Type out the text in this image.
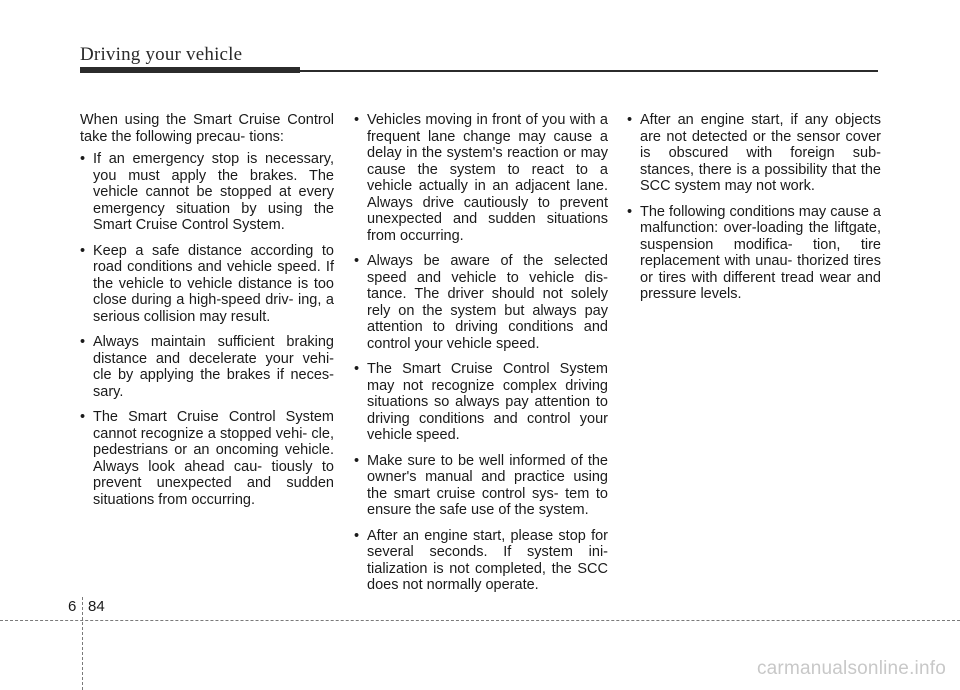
Driving your vehicle

When using the Smart Cruise Control take the following precau- tions:

• If an emergency stop is necessary, you must apply the brakes. The vehicle cannot be stopped at every emergency situation by using the Smart Cruise Control System.
• Keep a safe distance according to road conditions and vehicle speed. If the vehicle to vehicle distance is too close during a high-speed driv- ing, a serious collision may result.
• Always maintain sufficient braking distance and decelerate your vehi- cle by applying the brakes if neces- sary.
• The Smart Cruise Control System cannot recognize a stopped vehi- cle, pedestrians or an oncoming vehicle. Always look ahead cau- tiously to prevent unexpected and sudden situations from occurring.
• Vehicles moving in front of you with a frequent lane change may cause a delay in the system's reaction or may cause the system to react to a vehicle actually in an adjacent lane. Always drive cautiously to prevent unexpected and sudden situations from occurring.
• Always be aware of the selected speed and vehicle to vehicle dis- tance. The driver should not solely rely on the system but always pay attention to driving conditions and control your vehicle speed.
• The Smart Cruise Control System may not recognize complex driving situations so always pay attention to driving conditions and control your vehicle speed.
• Make sure to be well informed of the owner's manual and practice using the smart cruise control sys- tem to ensure the safe use of the system.
• After an engine start, please stop for several seconds. If system ini- tialization is not completed, the SCC does not normally operate.
• After an engine start, if any objects are not detected or the sensor cover is obscured with foreign sub- stances, there is a possibility that the SCC system may not work.
• The following conditions may cause a malfunction: over-loading the liftgate, suspension modifica- tion, tire replacement with unau- thorized tires or tires with different tread wear and pressure levels.
6 84
carmanualsonline.info
